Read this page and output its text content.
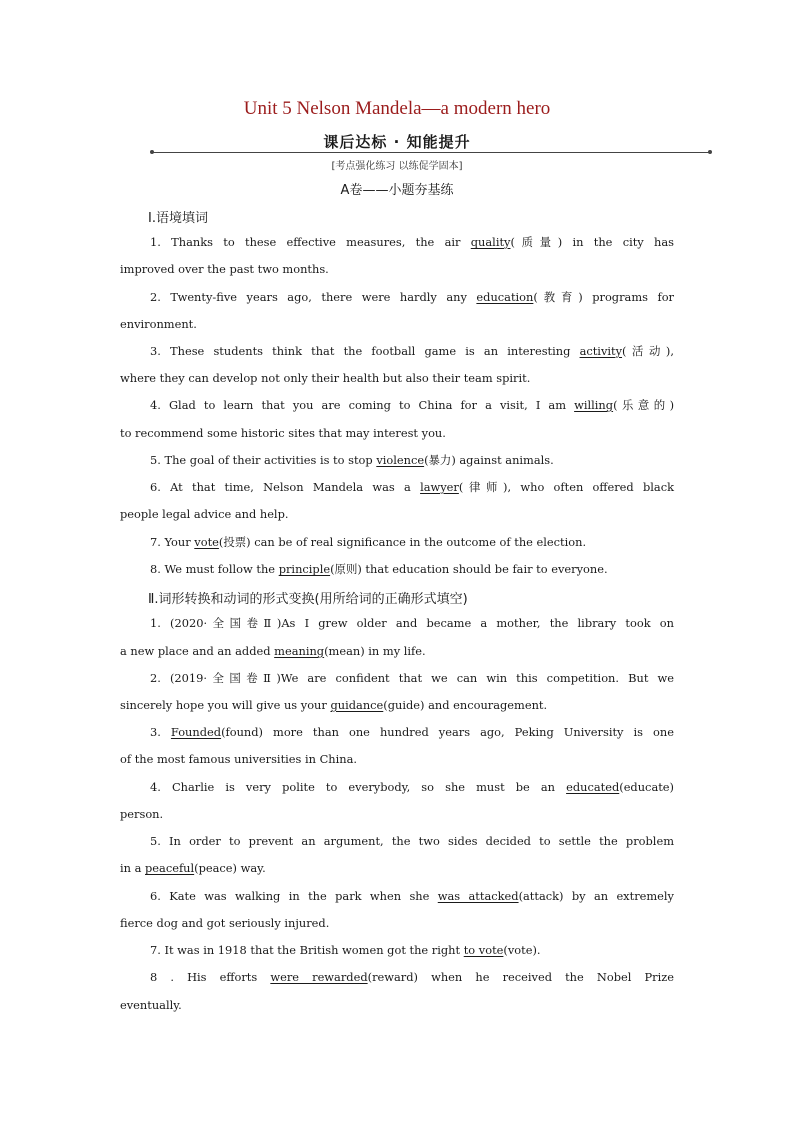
Unit 5 Nelson Mandela—a modern hero
课后达标 · 知能提升
[考点强化练习 以练促学固本]
A卷——小题夯基练
Ⅰ.语境填词
1. Thanks to these effective measures, the air quality(质量) in the city has
improved over the past two months.
2. Twenty-five years ago, there were hardly any education(教育) programs for
environment.
3. These students think that the football game is an interesting activity(活动),
where they can develop not only their health but also their team spirit.
4. Glad to learn that you are coming to China for a visit, I am willing(乐意的)
to recommend some historic sites that may interest you.
5. The goal of their activities is to stop violence(暴力) against animals.
6. At that time, Nelson Mandela was a lawyer(律师), who often offered black
people legal advice and help.
7. Your vote(投票) can be of real significance in the outcome of the election.
8. We must follow the principle(原则) that education should be fair to everyone.
Ⅱ.词形转换和动词的形式变换(用所给词的正确形式填空)
1. (2020·全国卷Ⅱ)As I grew older and became a mother, the library took on
a new place and an added meaning(mean) in my life.
2. (2019·全国卷Ⅱ)We are confident that we can win this competition. But we
sincerely hope you will give us your guidance(guide) and encouragement.
3. Founded(found) more than one hundred years ago, Peking University is one
of the most famous universities in China.
4. Charlie is very polite to everybody, so she must be an educated(educate)
person.
5. In order to prevent an argument, the two sides decided to settle the problem
in a peaceful(peace) way.
6. Kate was walking in the park when she was attacked(attack) by an extremely
fierce dog and got seriously injured.
7. It was in 1918 that the British women got the right to vote(vote).
8 . His efforts were rewarded(reward) when he received the Nobel Prize
eventually.
